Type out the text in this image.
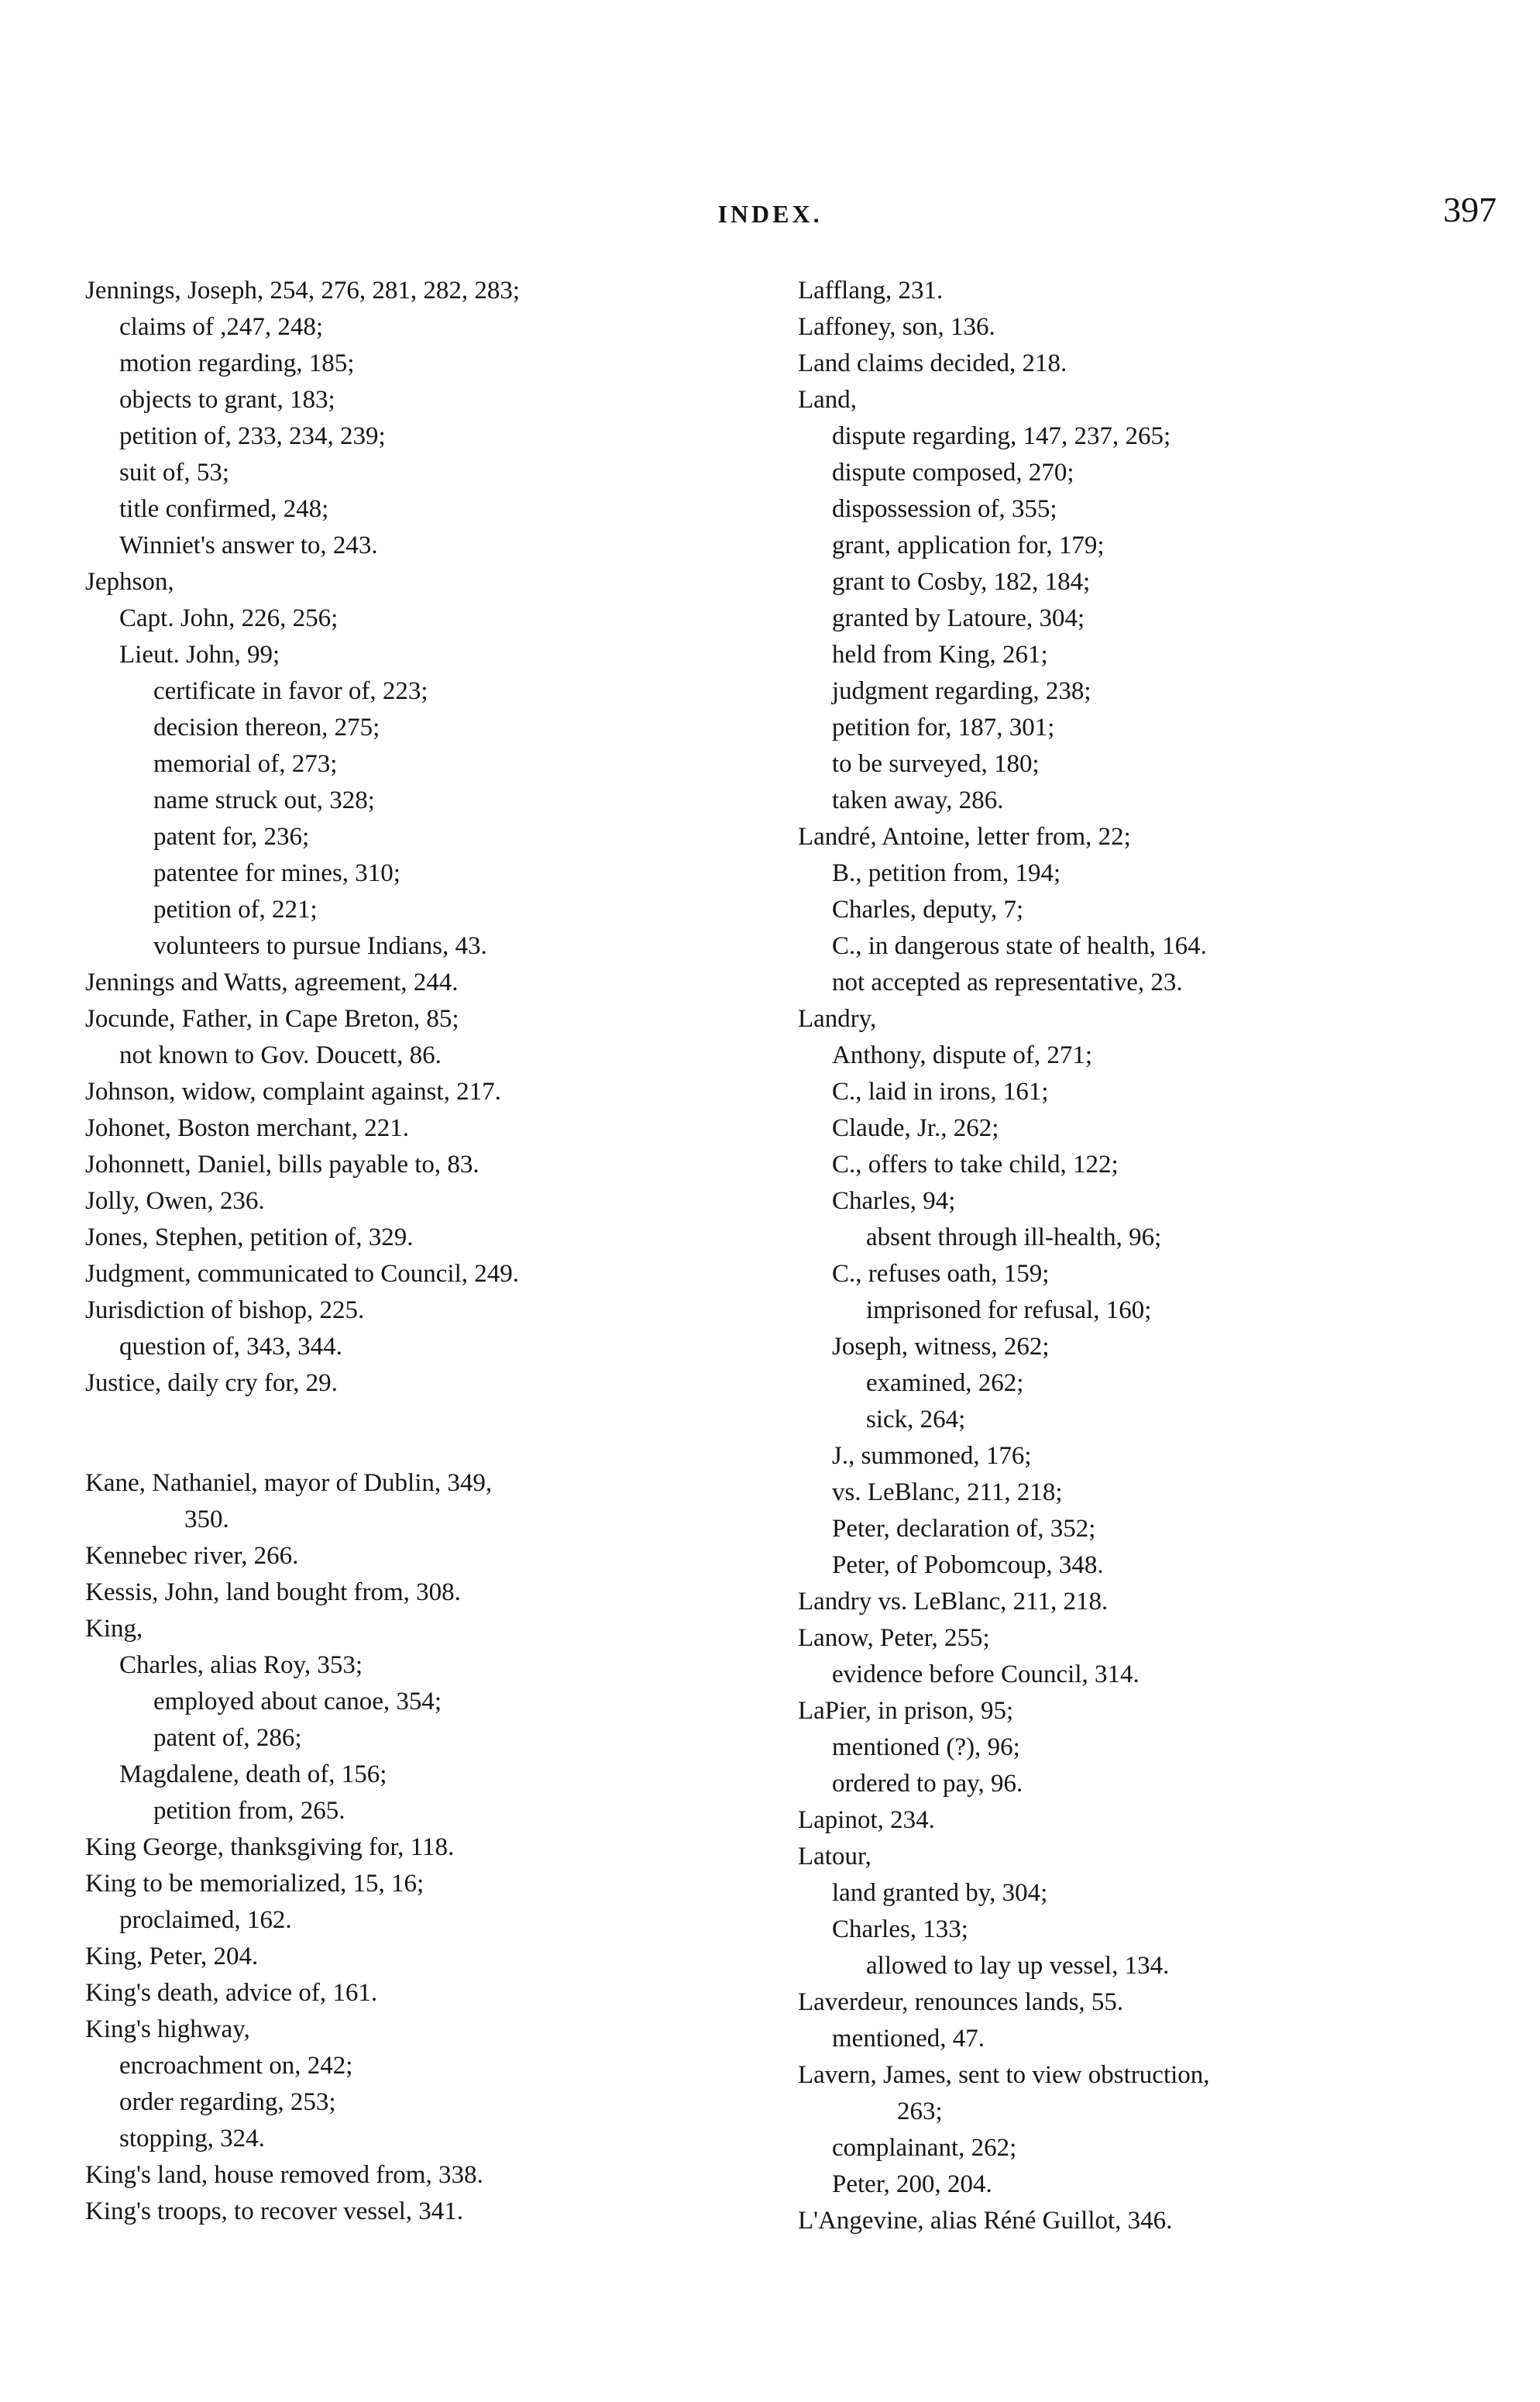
INDEX.	397
Jennings, Joseph, 254, 276, 281, 282, 283;
claims of ,247, 248;
motion regarding, 185;
objects to grant, 183;
petition of, 233, 234, 239;
suit of, 53;
title confirmed, 248;
Winniet's answer to, 243.
Jephson,
Capt. John, 226, 256;
Lieut. John, 99;
certificate in favor of, 223;
decision thereon, 275;
memorial of, 273;
name struck out, 328;
patent for, 236;
patentee for mines, 310;
petition of, 221;
volunteers to pursue Indians, 43.
Jennings and Watts, agreement, 244.
Jocunde, Father, in Cape Breton, 85;
not known to Gov. Doucett, 86.
Johnson, widow, complaint against, 217.
Johonet, Boston merchant, 221.
Johonnett, Daniel, bills payable to, 83.
Jolly, Owen, 236.
Jones, Stephen, petition of, 329.
Judgment, communicated to Council, 249.
Jurisdiction of bishop, 225.
question of, 343, 344.
Justice, daily cry for, 29.
Kane, Nathaniel, mayor of Dublin, 349,
350.
Kennebec river, 266.
Kessis, John, land bought from, 308.
King,
Charles, alias Roy, 353;
employed about canoe, 354;
patent of, 286;
Magdalene, death of, 156;
petition from, 265.
King George, thanksgiving for, 118.
King to be memorialized, 15, 16;
proclaimed, 162.
King, Peter, 204.
King's death, advice of, 161.
King's highway,
encroachment on, 242;
order regarding, 253;
stopping, 324.
King's land, house removed from, 338.
King's troops, to recover vessel, 341.
Lafflang, 231.
Laffoney, son, 136.
Land claims decided, 218.
Land,
dispute regarding, 147, 237, 265;
dispute composed, 270;
dispossession of, 355;
grant, application for, 179;
grant to Cosby, 182, 184;
granted by Latoure, 304;
held from King, 261;
judgment regarding, 238;
petition for, 187, 301;
to be surveyed, 180;
taken away, 286.
Landré, Antoine, letter from, 22;
B., petition from, 194;
Charles, deputy, 7;
C., in dangerous state of health, 164.
not accepted as representative, 23.
Landry,
Anthony, dispute of, 271;
C., laid in irons, 161;
Claude, Jr., 262;
C., offers to take child, 122;
Charles, 94;
absent through ill-health, 96;
C., refuses oath, 159;
imprisoned for refusal, 160;
Joseph, witness, 262;
examined, 262;
sick, 264;
J., summoned, 176;
vs. LeBlanc, 211, 218;
Peter, declaration of, 352;
Peter, of Pobomcoup, 348.
Landry vs. LeBlanc, 211, 218.
Lanow, Peter, 255;
evidence before Council, 314.
LaPier, in prison, 95;
mentioned (?), 96;
ordered to pay, 96.
Lapinot, 234.
Latour,
land granted by, 304;
Charles, 133;
allowed to lay up vessel, 134.
Laverdeur, renounces lands, 55.
mentioned, 47.
Lavern, James, sent to view obstruction,
263;
complainant, 262;
Peter, 200, 204.
L'Angevine, alias Réné Guillot, 346.
